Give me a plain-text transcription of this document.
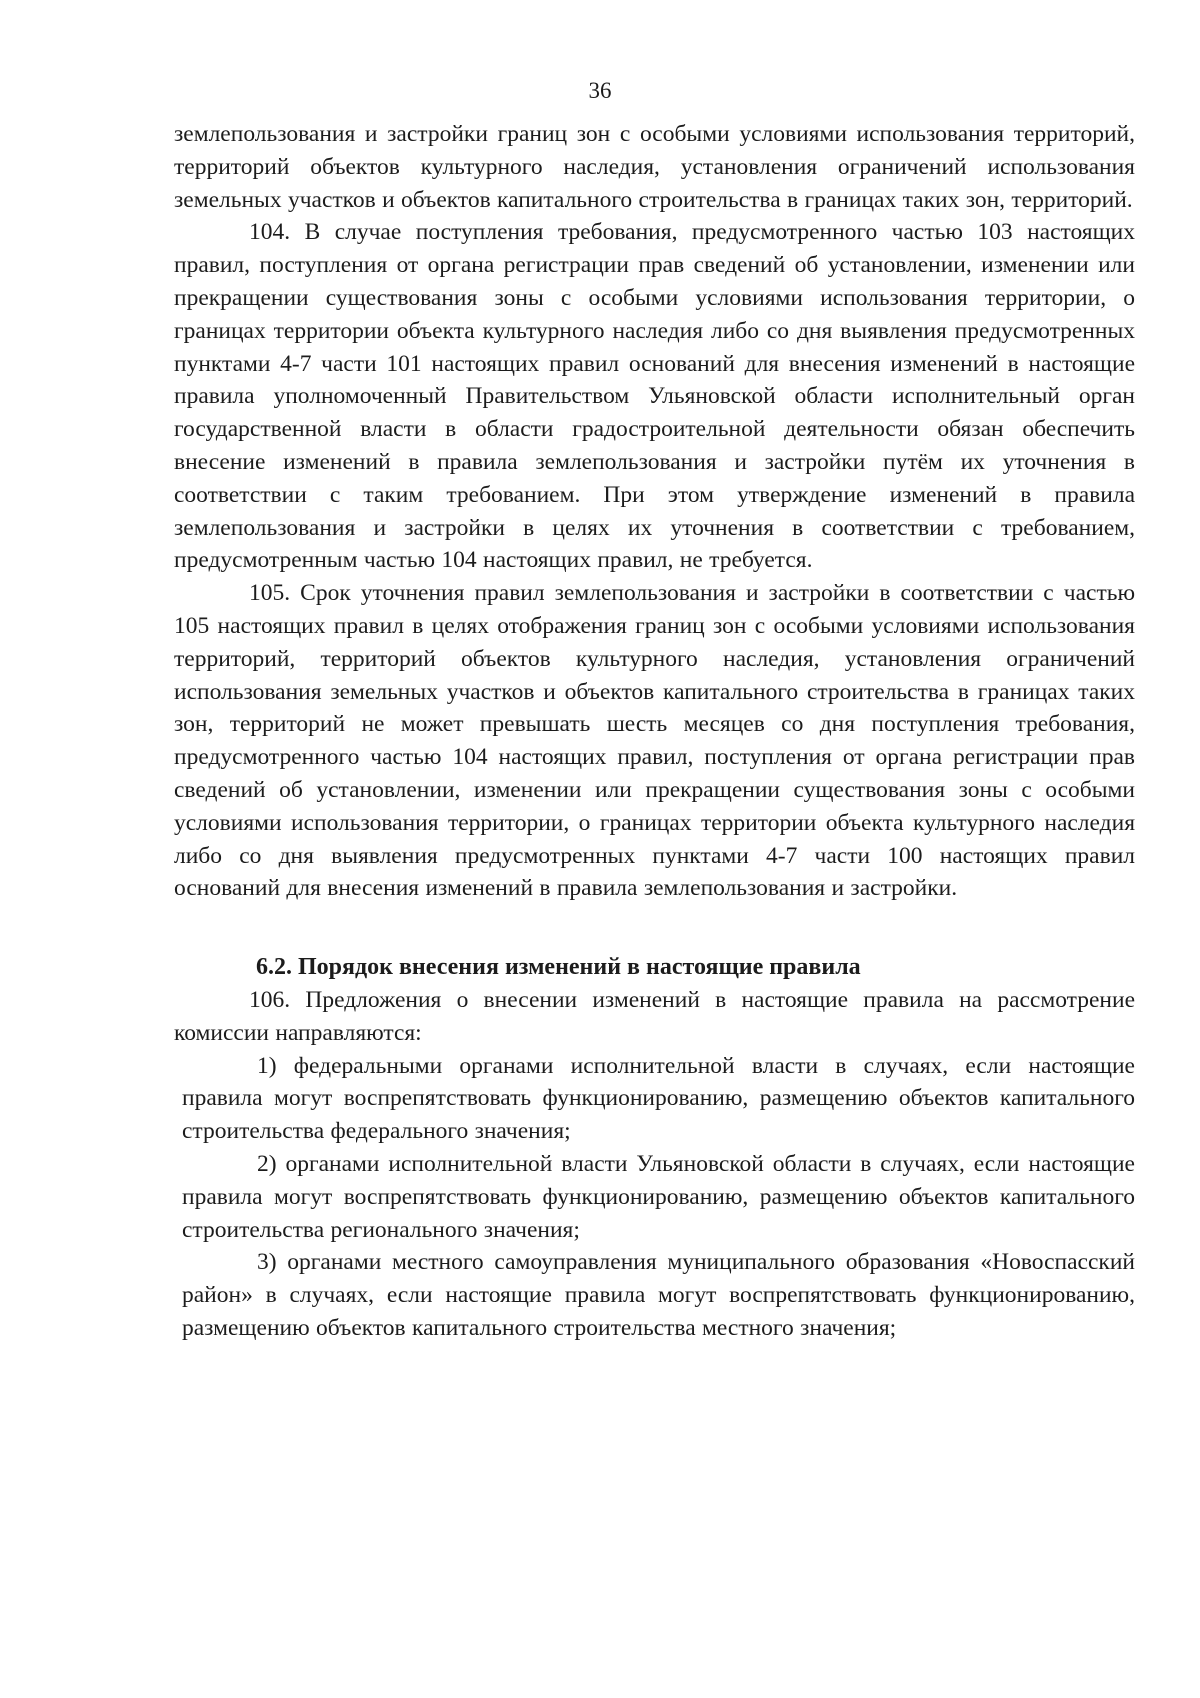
36

землепользования и застройки границ зон с особыми условиями использования территорий, территорий объектов культурного наследия, установления ограничений использования земельных участков и объектов капитального строительства в границах таких зон, территорий.

104. В случае поступления требования, предусмотренного частью 103 настоящих правил, поступления от органа регистрации прав сведений об установлении, изменении или прекращении существования зоны с особыми условиями использования территории, о границах территории объекта культурного наследия либо со дня выявления предусмотренных пунктами 4-7 части 101 настоящих правил оснований для внесения изменений в настоящие правила уполномоченный Правительством Ульяновской области исполнительный орган государственной власти в области градостроительной деятельности обязан обеспечить внесение изменений в правила землепользования и застройки путём их уточнения в соответствии с таким требованием. При этом утверждение изменений в правила землепользования и застройки в целях их уточнения в соответствии с требованием, предусмотренным частью 104 настоящих правил, не требуется.

105. Срок уточнения правил землепользования и застройки в соответствии с частью 105 настоящих правил в целях отображения границ зон с особыми условиями использования территорий, территорий объектов культурного наследия, установления ограничений использования земельных участков и объектов капитального строительства в границах таких зон, территорий не может превышать шесть месяцев со дня поступления требования, предусмотренного частью 104 настоящих правил, поступления от органа регистрации прав сведений об установлении, изменении или прекращении существования зоны с особыми условиями использования территории, о границах территории объекта культурного наследия либо со дня выявления предусмотренных пунктами 4-7 части 100 настоящих правил оснований для внесения изменений в правила землепользования и застройки.

6.2. Порядок внесения изменений в настоящие правила

106. Предложения о внесении изменений в настоящие правила на рассмотрение комиссии направляются:

1) федеральными органами исполнительной власти в случаях, если настоящие правила могут воспрепятствовать функционированию, размещению объектов капитального строительства федерального значения;

2) органами исполнительной власти Ульяновской области в случаях, если настоящие правила могут воспрепятствовать функционированию, размещению объектов капитального строительства регионального значения;

3) органами местного самоуправления муниципального образования «Новоспасский район» в случаях, если настоящие правила могут воспрепятствовать функционированию, размещению объектов капитального строительства местного значения;
